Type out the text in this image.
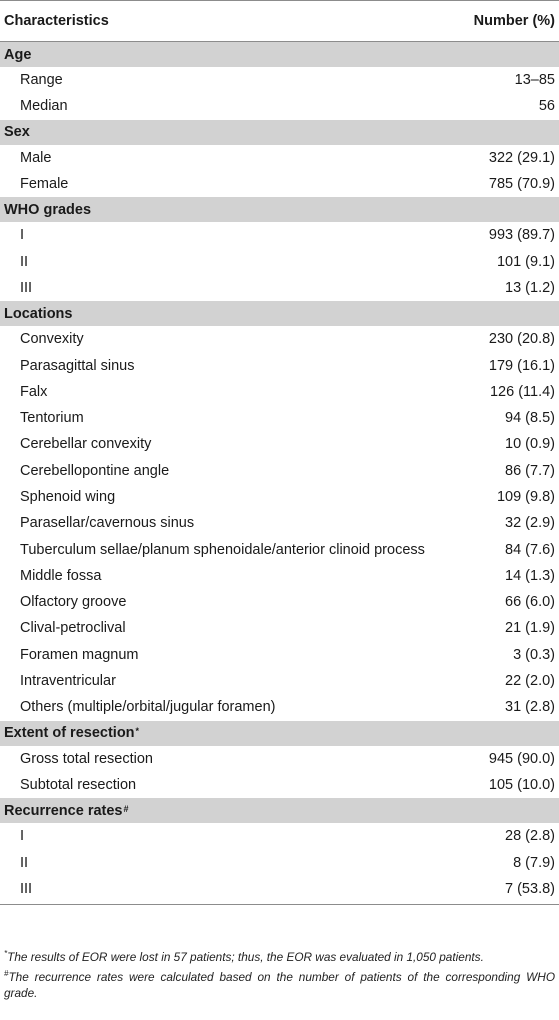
Characteristics	Number (%)
Age
Range	13–85
Median	56
Sex
Male	322 (29.1)
Female	785 (70.9)
WHO grades
I	993 (89.7)
II	101 (9.1)
III	13 (1.2)
Locations
Convexity	230 (20.8)
Parasagittal sinus	179 (16.1)
Falx	126 (11.4)
Tentorium	94 (8.5)
Cerebellar convexity	10 (0.9)
Cerebellopontine angle	86 (7.7)
Sphenoid wing	109 (9.8)
Parasellar/cavernous sinus	32 (2.9)
Tuberculum sellae/planum sphenoidale/anterior clinoid process	84 (7.6)
Middle fossa	14 (1.3)
Olfactory groove	66 (6.0)
Clival-petroclival	21 (1.9)
Foramen magnum	3 (0.3)
Intraventricular	22 (2.0)
Others (multiple/orbital/jugular foramen)	31 (2.8)
Extent of resection*
Gross total resection	945 (90.0)
Subtotal resection	105 (10.0)
Recurrence rates#
I	28 (2.8)
II	8 (7.9)
III	7 (53.8)

*The results of EOR were lost in 57 patients; thus, the EOR was evaluated in 1,050 patients.

#The recurrence rates were calculated based on the number of patients of the corresponding WHO grade.
